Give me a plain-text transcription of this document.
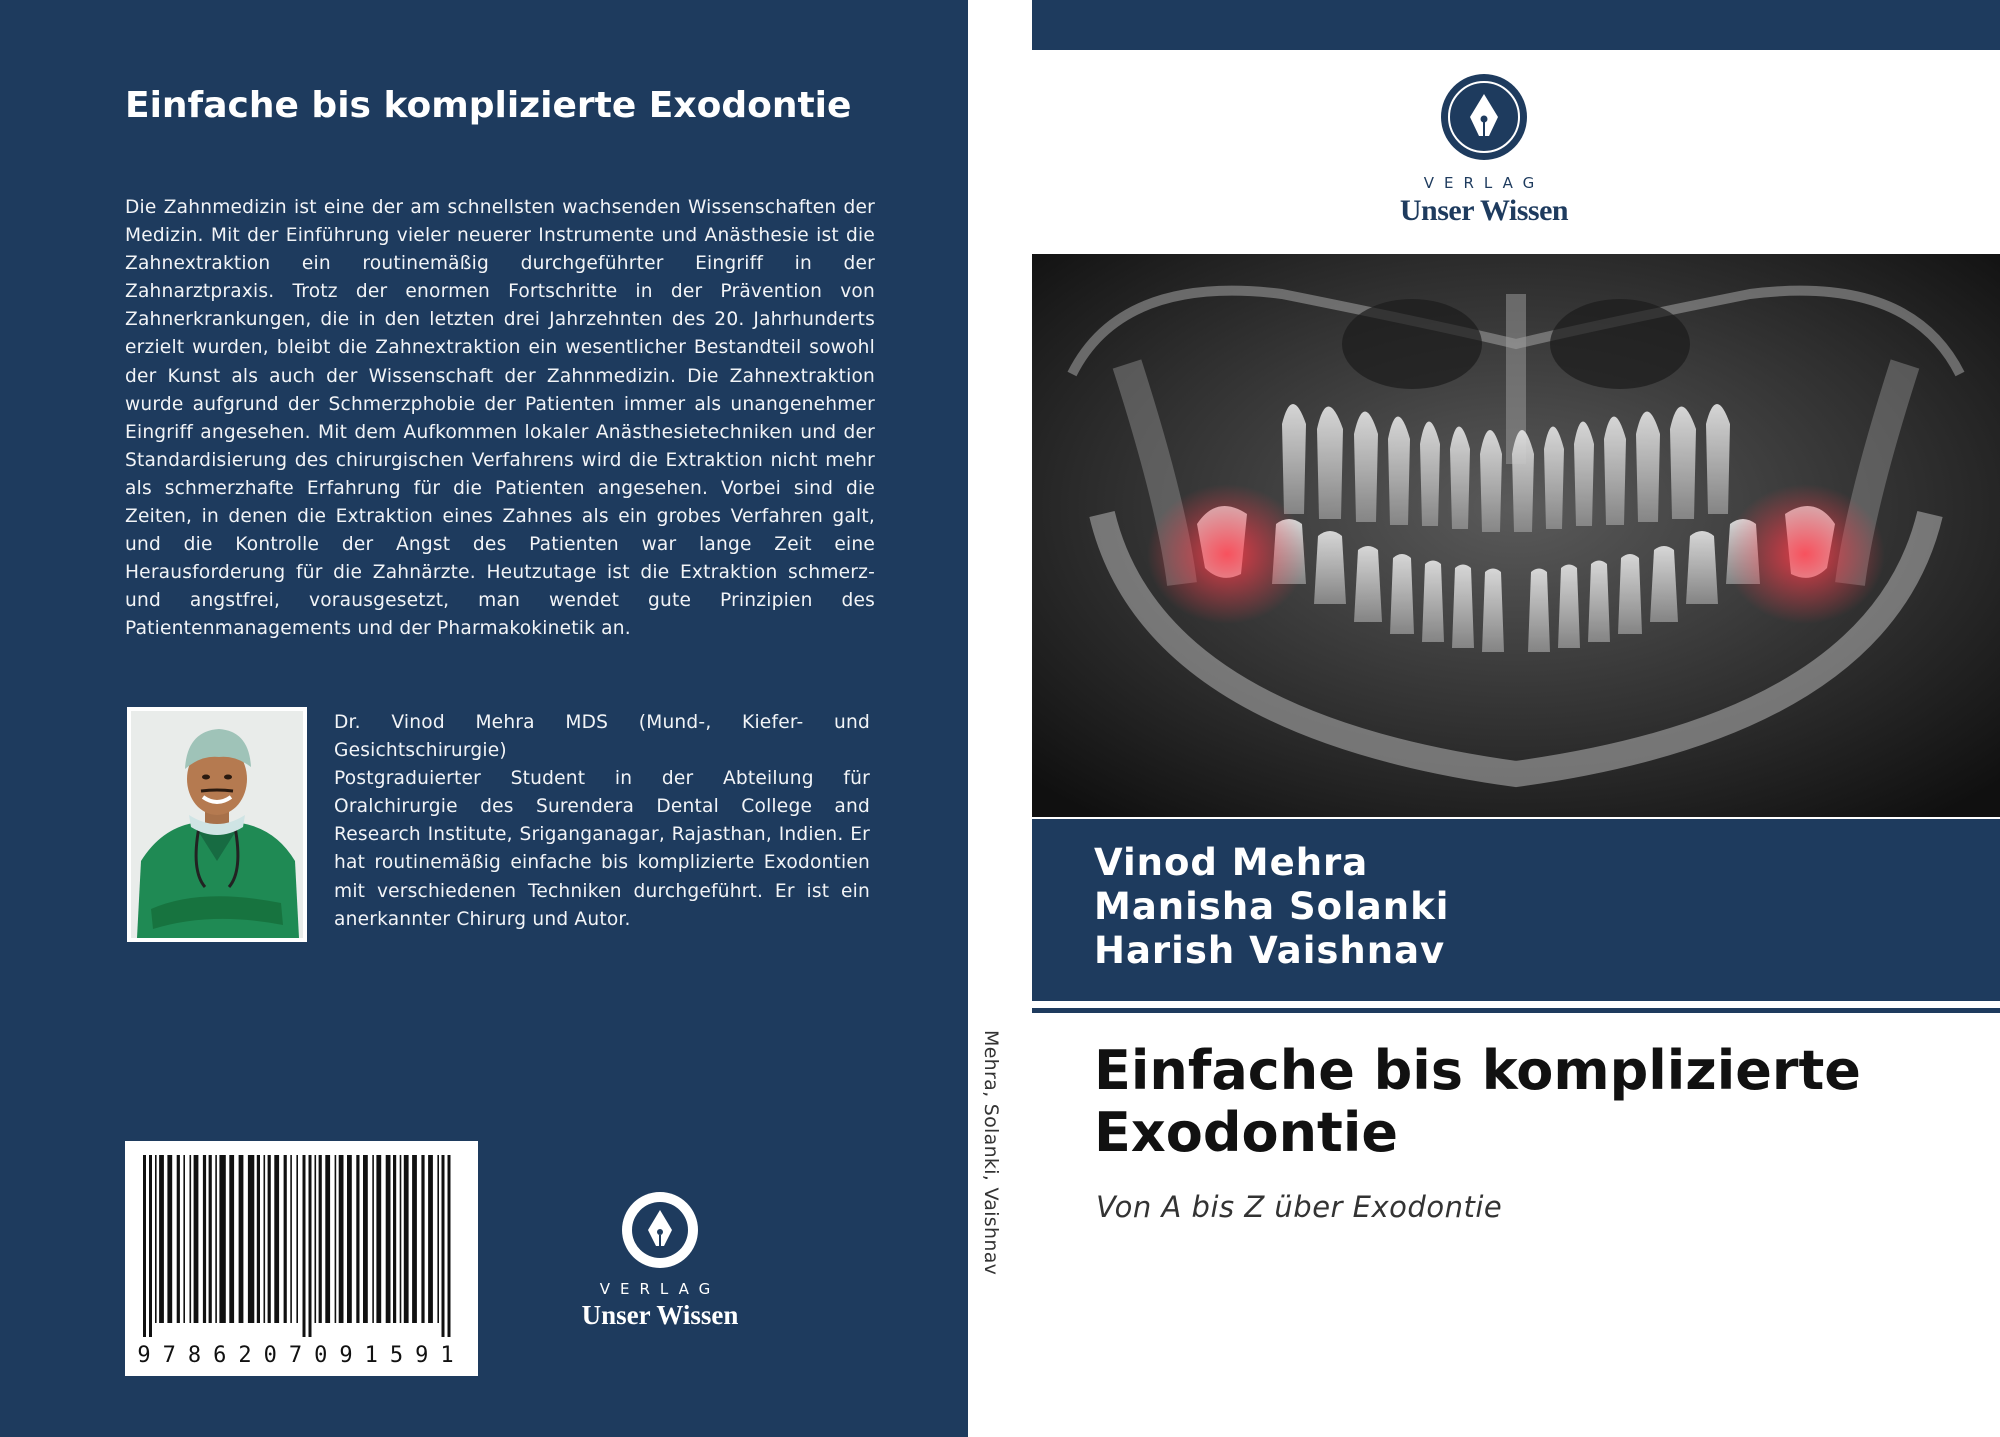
Einfache bis komplizierte Exodontie

Die Zahnmedizin ist eine der am schnellsten wachsenden Wissenschaften der Medizin. Mit der Einführung vieler neuerer Instrumente und Anästhesie ist die Zahnextraktion ein routinemäßig durchgeführter Eingriff in der Zahnarztpraxis. Trotz der enormen Fortschritte in der Prävention von Zahnerkrankungen, die in den letzten drei Jahrzehnten des 20. Jahrhunderts erzielt wurden, bleibt die Zahnextraktion ein wesentlicher Bestandteil sowohl der Kunst als auch der Wissenschaft der Zahnmedizin. Die Zahnextraktion wurde aufgrund der Schmerzphobie der Patienten immer als unangenehmer Eingriff angesehen. Mit dem Aufkommen lokaler Anästhesietechniken und der Standardisierung des chirurgischen Verfahrens wird die Extraktion nicht mehr als schmerzhafte Erfahrung für die Patienten angesehen. Vorbei sind die Zeiten, in denen die Extraktion eines Zahnes als ein grobes Verfahren galt, und die Kontrolle der Angst des Patienten war lange Zeit eine Herausforderung für die Zahnärzte. Heutzutage ist die Extraktion schmerz- und angstfrei, vorausgesetzt, man wendet gute Prinzipien des Patientenmanagements und der Pharmakokinetik an.

Dr. Vinod Mehra MDS (Mund-, Kiefer- und Gesichtschirurgie)

Postgraduierter Student in der Abteilung für Oralchirurgie des Surendera Dental College and Research Institute, Sriganganagar, Rajasthan, Indien. Er hat routinemäßig einfache bis komplizierte Exodontien mit verschiedenen Techniken durchgeführt. Er ist ein anerkannter Chirurg und Autor.

9786207091591
VERLAG
Unser Wissen
Mehra, Solanki, Vaishnav
VERLAG
Unser Wissen
Vinod Mehra
Manisha Solanki
Harish Vaishnav
Einfache bis komplizierte Exodontie
Von A bis Z über Exodontie
